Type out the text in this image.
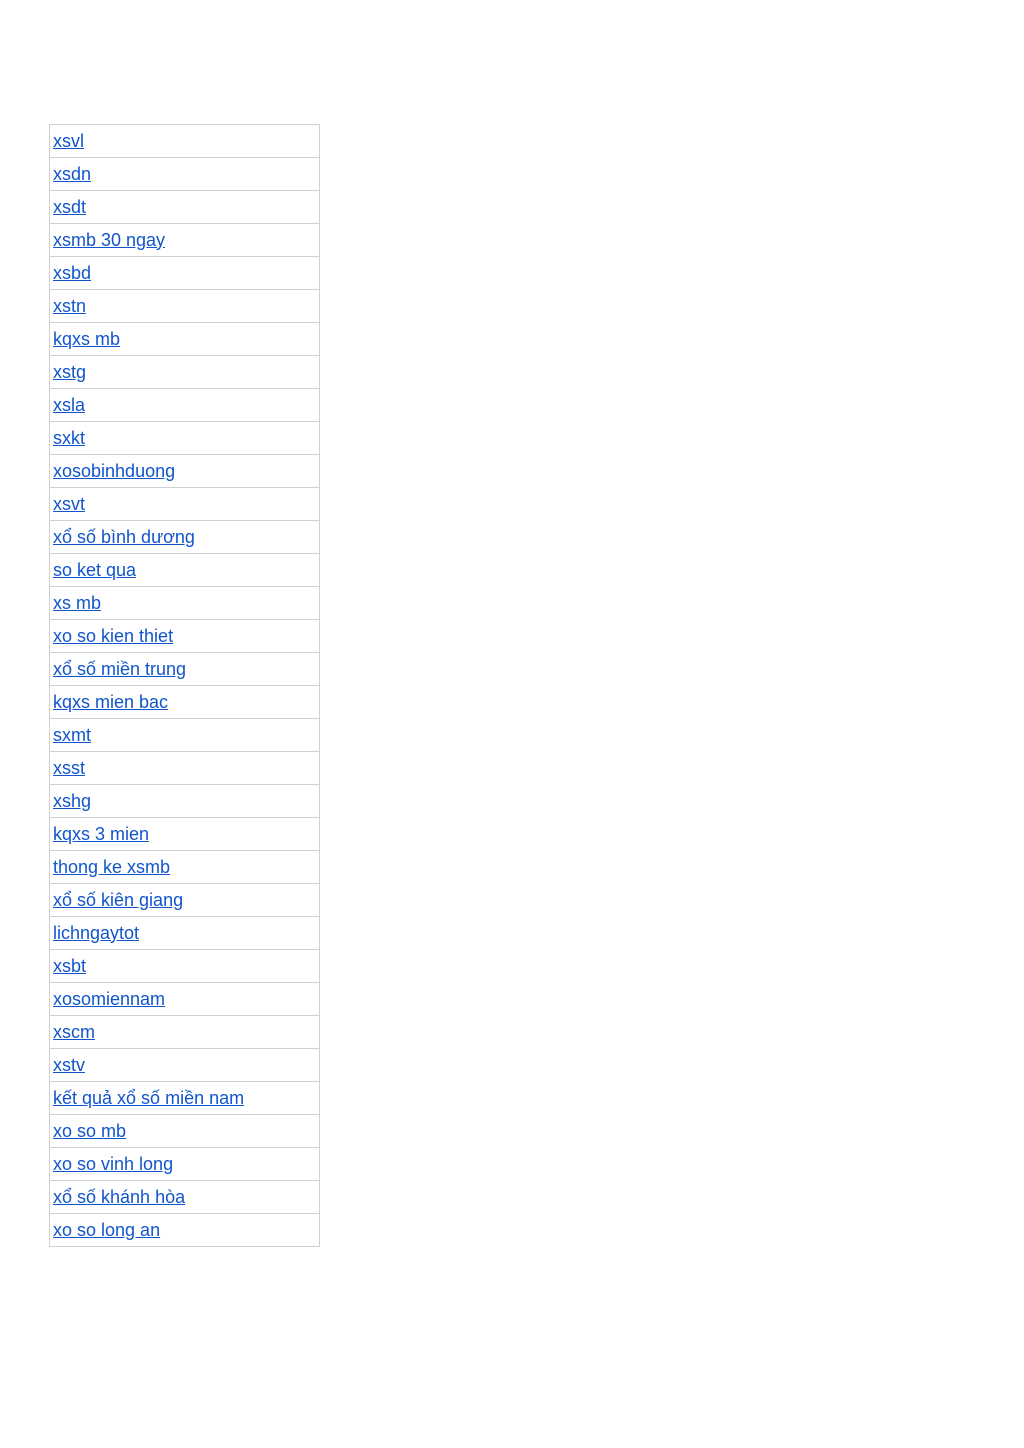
xsvl
xsdn
xsdt
xsmb 30 ngay
xsbd
xstn
kqxs mb
xstg
xsla
sxkt
xosobinhduong
xsvt
xổ số bình dương
so ket qua
xs mb
xo so kien thiet
xổ số miền trung
kqxs mien bac
sxmt
xsst
xshg
kqxs 3 mien
thong ke xsmb
xổ số kiên giang
lichngaytot
xsbt
xosomiennam
xscm
xstv
kết quả xổ số miền nam
xo so mb
xo so vinh long
xổ số khánh hòa
xo so long an
